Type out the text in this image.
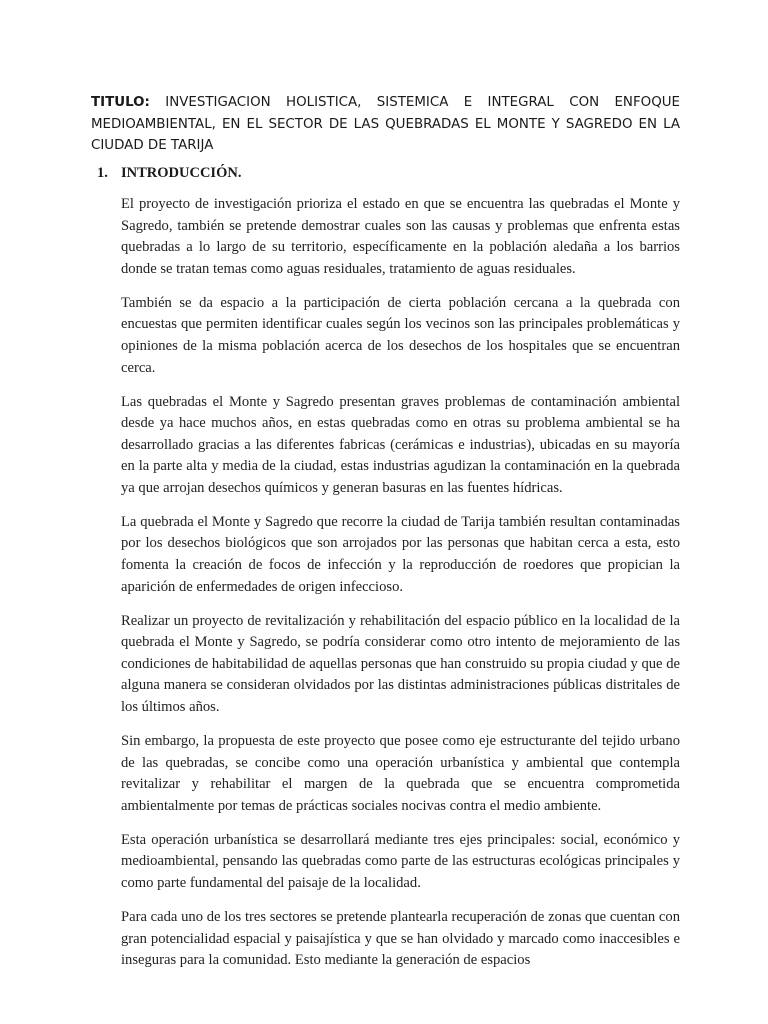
TITULO: INVESTIGACION HOLISTICA, SISTEMICA E INTEGRAL CON ENFOQUE MEDIOAMBIENTAL, EN EL SECTOR DE LAS QUEBRADAS EL MONTE Y SAGREDO EN LA CIUDAD DE TARIJA
1. INTRODUCCIÓN.

El proyecto de investigación prioriza el estado en que se encuentra las quebradas el Monte y Sagredo, también se pretende demostrar cuales son las causas y problemas que enfrenta estas quebradas a lo largo de su territorio, específicamente en la población aledaña a los barrios donde se tratan temas como aguas residuales, tratamiento de aguas residuales.

También se da espacio a la participación de cierta población cercana a la quebrada con encuestas que permiten identificar cuales según los vecinos son las principales problemáticas y opiniones de la misma población acerca de los desechos de los hospitales que se encuentran cerca.

Las quebradas el Monte y Sagredo presentan graves problemas de contaminación ambiental desde ya hace muchos años, en estas quebradas como en otras su problema ambiental se ha desarrollado gracias a las diferentes fabricas (cerámicas e industrias), ubicadas en su mayoría en la parte alta y media de la ciudad, estas industrias agudizan la contaminación en la quebrada ya que arrojan desechos químicos y generan basuras en las fuentes hídricas.

La quebrada el Monte y Sagredo que recorre la ciudad de Tarija también resultan contaminadas por los desechos biológicos que son arrojados por las personas que habitan cerca a esta, esto fomenta la creación de focos de infección y la reproducción de roedores que propician la aparición de enfermedades de origen infeccioso.

Realizar un proyecto de revitalización y rehabilitación del espacio público en la localidad de la quebrada el Monte y Sagredo, se podría considerar como otro intento de mejoramiento de las condiciones de habitabilidad de aquellas personas que han construido su propia ciudad y que de alguna manera se consideran olvidados por las distintas administraciones públicas distritales de los últimos años.

Sin embargo, la propuesta de este proyecto que posee como eje estructurante del tejido urbano de las quebradas, se concibe como una operación urbanística y ambiental que contempla revitalizar y rehabilitar el margen de la quebrada que se encuentra comprometida ambientalmente por temas de prácticas sociales nocivas contra el medio ambiente.

Esta operación urbanística se desarrollará mediante tres ejes principales: social, económico y medioambiental, pensando las quebradas como parte de las estructuras ecológicas principales y como parte fundamental del paisaje de la localidad.

Para cada uno de los tres sectores se pretende plantearla recuperación de zonas que cuentan con gran potencialidad espacial y paisajística y que se han olvidado y marcado como inaccesibles e inseguras para la comunidad. Esto mediante la generación de espacios
